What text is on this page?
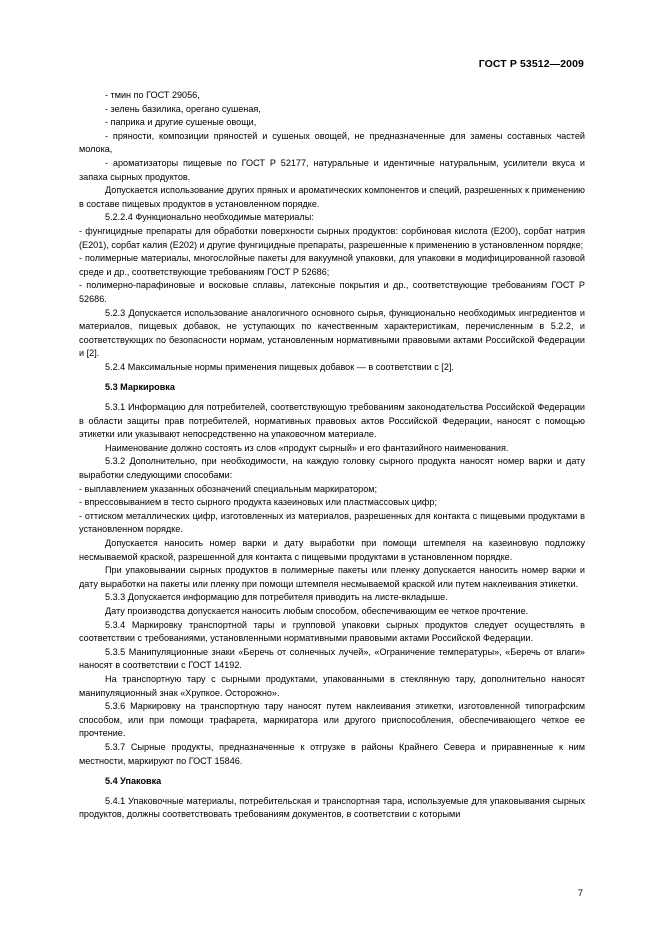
ГОСТ Р 53512—2009

- тмин по ГОСТ 29056,

- зелень базилика, орегано сушеная,

- паприка и другие сушеные овощи,

- пряности, композиции пряностей и сушеных овощей, не предназначенные для замены составных частей молока,

- ароматизаторы пищевые по ГОСТ Р 52177, натуральные и идентичные натуральным, усилители вкуса и запаха сырных продуктов.

Допускается использование других пряных и ароматических компонентов и специй, разрешенных к применению в составе пищевых продуктов в установленном порядке.

5.2.2.4 Функционально необходимые материалы:

- фунгицидные препараты для обработки поверхности сырных продуктов: сорбиновая кислота (Е200), сорбат натрия (Е201), сорбат калия (Е202) и другие фунгицидные препараты, разрешенные к применению в установленном порядке;

- полимерные материалы, многослойные пакеты для вакуумной упаковки, для упаковки в модифицированной газовой среде и др., соответствующие требованиям ГОСТ Р 52686;

- полимерно-парафиновые и восковые сплавы, латексные покрытия и др., соответствующие требованиям ГОСТ Р 52686.

5.2.3 Допускается использование аналогичного основного сырья, функционально необходимых ингредиентов и материалов, пищевых добавок, не уступающих по качественным характеристикам, перечисленным в 5.2.2, и соответствующих по безопасности нормам, установленным нормативными правовыми актами Российской Федерации и [2].

5.2.4 Максимальные нормы применения пищевых добавок — в соответствии с [2].

5.3 Маркировка

5.3.1 Информацию для потребителей, соответствующую требованиям законодательства Российской Федерации в области защиты прав потребителей, нормативных правовых актов Российской Федерации, наносят с помощью этикетки или указывают непосредственно на упаковочном материале.

Наименование должно состоять из слов «продукт сырный» и его фантазийного наименования.

5.3.2 Дополнительно, при необходимости, на каждую головку сырного продукта наносят номер варки и дату выработки следующими способами:

- выплавлением указанных обозначений специальным маркиратором;

- впрессовыванием в тесто сырного продукта казеиновых или пластмассовых цифр;

- оттиском металлических цифр, изготовленных из материалов, разрешенных для контакта с пищевыми продуктами в установленном порядке.

Допускается наносить номер варки и дату выработки при помощи штемпеля на казеиновую подложку несмываемой краской, разрешенной для контакта с пищевыми продуктами в установленном порядке.

При упаковывании сырных продуктов в полимерные пакеты или пленку допускается наносить номер варки и дату выработки на пакеты или пленку при помощи штемпеля несмываемой краской или путем наклеивания этикетки.

5.3.3 Допускается информацию для потребителя приводить на листе-вкладыше.

Дату производства допускается наносить любым способом, обеспечивающим ее четкое прочтение.

5.3.4 Маркировку транспортной тары и групповой упаковки сырных продуктов следует осуществлять в соответствии с требованиями, установленными нормативными правовыми актами Российской Федерации.

5.3.5 Манипуляционные знаки «Беречь от солнечных лучей», «Ограничение температуры», «Беречь от влаги» наносят в соответствии с ГОСТ 14192.

На транспортную тару с сырными продуктами, упакованными в стеклянную тару, дополнительно наносят манипуляционный знак «Хрупкое. Осторожно».

5.3.6 Маркировку на транспортную тару наносят путем наклеивания этикетки, изготовленной типографским способом, или при помощи трафарета, маркиратора или другого приспособления, обеспечивающего четкое ее прочтение.

5.3.7 Сырные продукты, предназначенные к отгрузке в районы Крайнего Севера и приравненные к ним местности, маркируют по ГОСТ 15846.

5.4 Упаковка

5.4.1 Упаковочные материалы, потребительская и транспортная тара, используемые для упаковывания сырных продуктов, должны соответствовать требованиям документов, в соответствии с которыми

7
